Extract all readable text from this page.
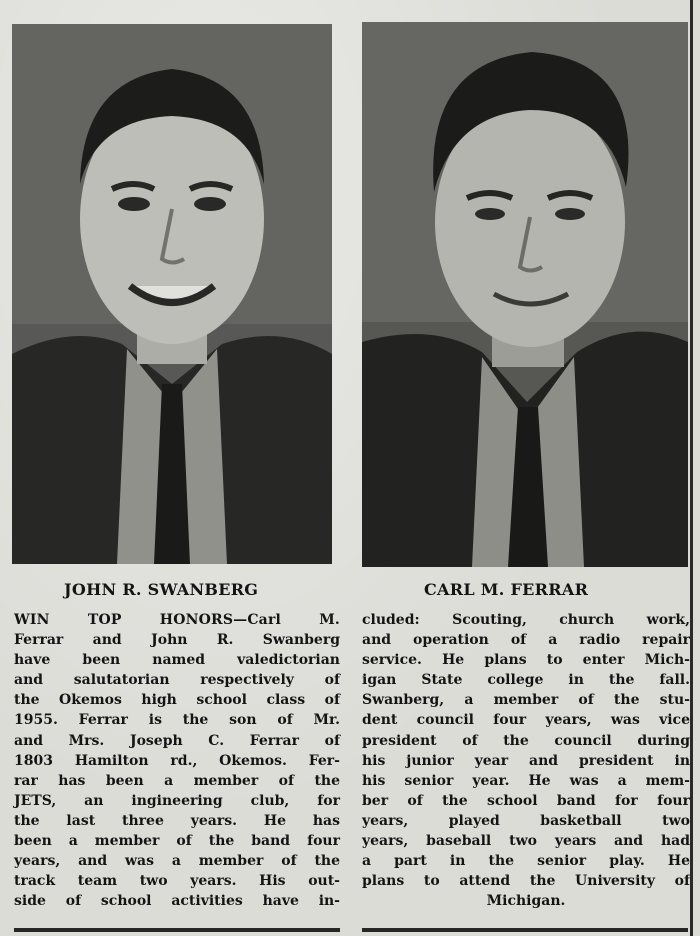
JOHN R. SWANBERG	CARL M. FERRAR
WIN TOP HONORS—Carl M.
Ferrar and John R. Swanberg
have been named valedictorian
and salutatorian respectively of
the Okemos high school class of
1955. Ferrar is the son of Mr.
and Mrs. Joseph C. Ferrar of
1803 Hamilton rd., Okemos. Fer-
rar has been a member of the
JETS, an ingineering club, for
the last three years. He has
been a member of the band four
years, and was a member of the
track team two years. His out-
side of school activities have in-
cluded: Scouting, church work,
and operation of a radio repair
service. He plans to enter Mich-
igan State college in the fall.
Swanberg, a member of the stu-
dent council four years, was vice
president of the council during
his junior year and president in
his senior year. He was a mem-
ber of the school band for four
years, played basketball two
years, baseball two years and had
a part in the senior play. He
plans to attend the University of
Michigan.
